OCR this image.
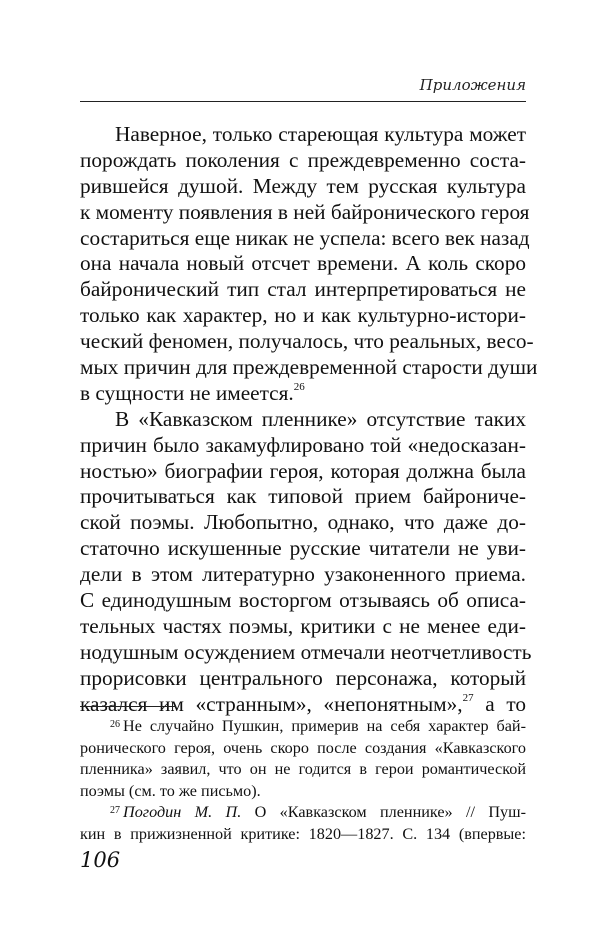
Приложения
Наверное, только стареющая культура может
порождать поколения с преждевременно соста-
рившейся душой. Между тем русская культура
к моменту появления в ней байронического героя
состариться еще никак не успела: всего век назад
она начала новый отсчет времени. А коль скоро
байронический тип стал интерпретироваться не
только как характер, но и как культурно-истори-
ческий феномен, получалось, что реальных, весо-
мых причин для преждевременной старости души
в сущности не имеется.$^{26}$
В «Кавказском пленнике» отсутствие таких
причин было закамуфлировано той «недосказан-
ностью» биографии героя, которая должна была
прочитываться как типовой прием байрониче-
ской поэмы. Любопытно, однако, что даже до-
статочно искушенные русские читатели не уви-
дели в этом литературно узаконенного приема.
С единодушным восторгом отзываясь об описа-
тельных частях поэмы, критики с не менее еди-
нодушным осуждением отмечали неотчетливость
прорисовки центрального персонажа, который
казался им «странным», «непонятным»,$^{27}$ а то
$^{26}$ Не случайно Пушкин, примерив на себя характер бай-
ронического героя, очень скоро после создания «Кавказского
пленника» заявил, что он не годится в герои романтической
поэмы (см. то же письмо).
$^{27}$ Погодин М. П. О «Кавказском пленнике» // Пуш-
кин в прижизненной критике: 1820—1827. С. 134 (впервые:
106
